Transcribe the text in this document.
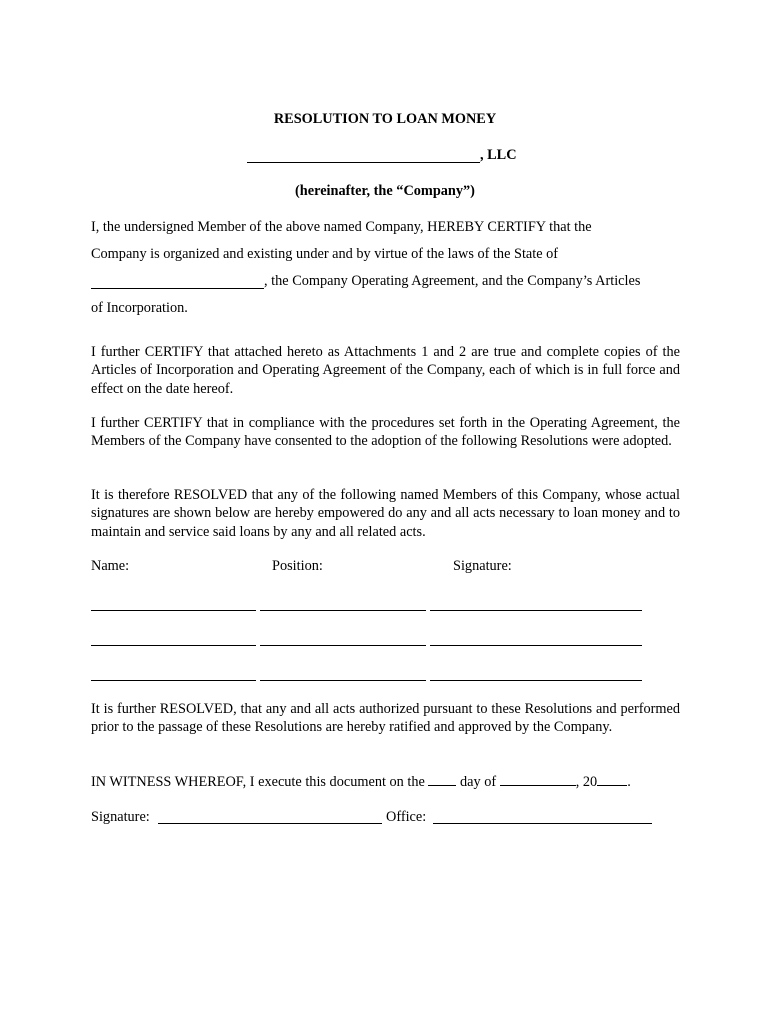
RESOLUTION TO LOAN MONEY
, LLC
(hereinafter, the “Company”)
I, the undersigned Member of the above named Company, HEREBY CERTIFY that the
Company is organized and existing under and by virtue of the laws of the State of
, the Company Operating Agreement, and the Company’s Articles
of Incorporation.
I further CERTIFY that attached hereto as Attachments 1 and 2 are true and complete copies of the Articles of Incorporation and Operating Agreement of the Company, each of which is in full force and effect on the date hereof.
I further CERTIFY that in compliance with the procedures set forth in the Operating Agreement, the Members of the Company have consented to the adoption of the following Resolutions were adopted.
It is therefore RESOLVED that any of the following named Members of this Company, whose actual signatures are shown below are hereby empowered do any and all acts necessary to loan money and to maintain and service said loans by any and all related acts.
Name:	Position:	Signature:
It is further RESOLVED, that any and all acts authorized pursuant to these Resolutions and performed prior to the passage of these Resolutions are hereby ratified and approved by the Company.
IN WITNESS WHEREOF, I execute this document on the day of	, 20 .
Signature:	Office:
